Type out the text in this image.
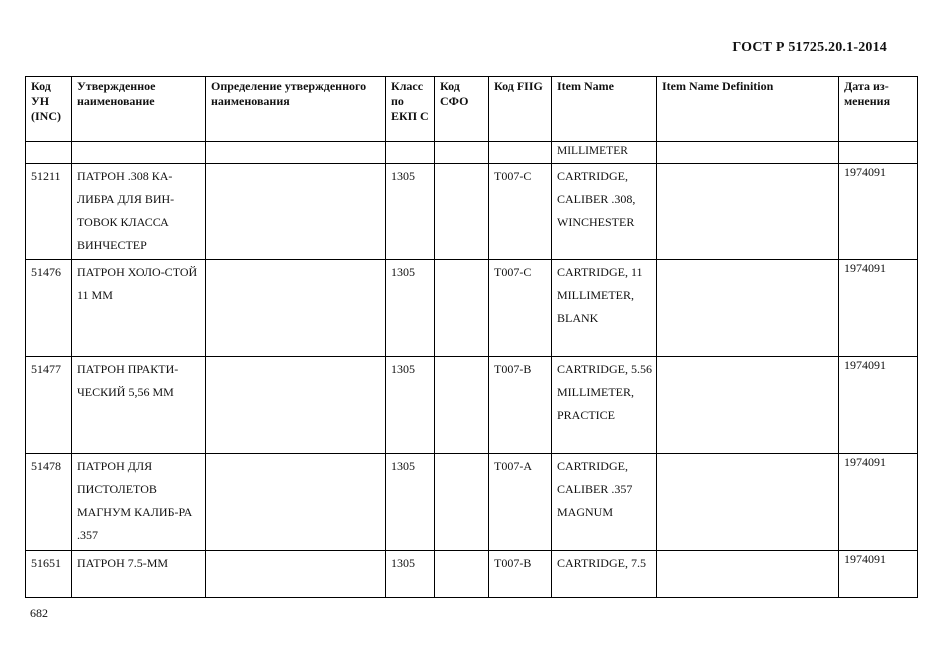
ГОСТ Р 51725.20.1-2014
Код УН (INC)	Утвержденное наименование	Определение утвержденного наименования	Класс по ЕКП С	Код СФО	Код FIIG	Item Name	Item Name Definition	Дата из-менения
						MILLIMETER		
51211	ПАТРОН .308 КА-ЛИБРА ДЛЯ ВИН-ТОВОК КЛАССА ВИНЧЕСТЕР		1305		T007-C	CARTRIDGE, CALIBER .308, WINCHESTER		1974091
51476	ПАТРОН ХОЛО-СТОЙ 11 ММ		1305		T007-C	CARTRIDGE, 11 MILLIMETER, BLANK		1974091
51477	ПАТРОН ПРАКТИ-ЧЕСКИЙ 5,56 ММ		1305		T007-B	CARTRIDGE, 5.56 MILLIMETER, PRACTICE		1974091
51478	ПАТРОН ДЛЯ ПИСТОЛЕТОВ МАГНУМ КАЛИБ-РА .357		1305		T007-A	CARTRIDGE, CALIBER .357 MAGNUM		1974091
51651	ПАТРОН 7.5-ММ		1305		T007-B	CARTRIDGE, 7.5		1974091
682
